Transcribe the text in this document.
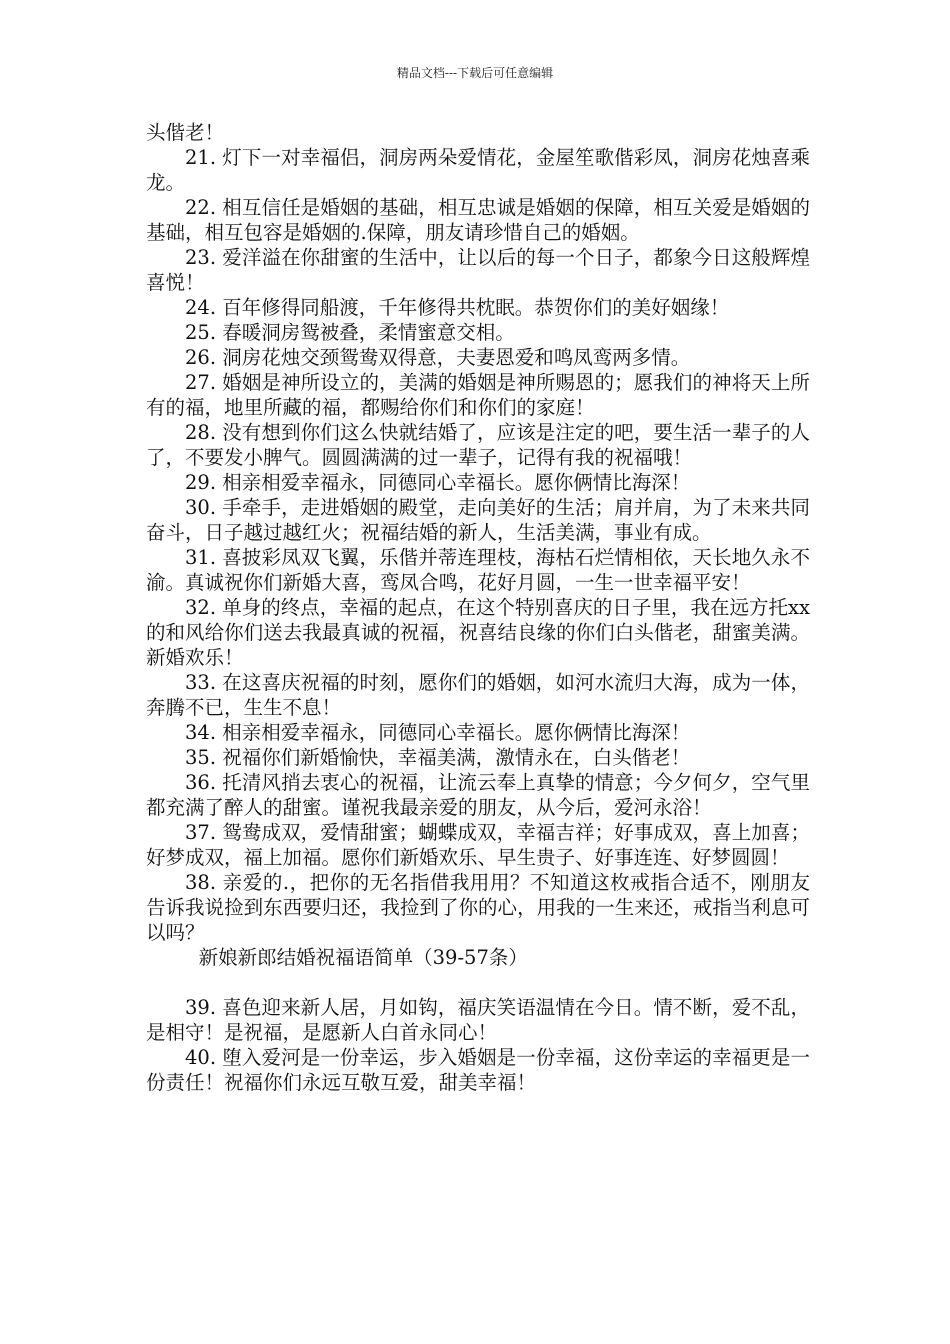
精品文档---下载后可任意编辑

头偕老！

21. 灯下一对幸福侣，洞房两朵爱情花，金屋笙歌偕彩凤，洞房花烛喜乘龙。

22. 相互信任是婚姻的基础，相互忠诚是婚姻的保障，相互关爱是婚姻的基础，相互包容是婚姻的.保障，朋友请珍惜自己的婚姻。

23. 爱洋溢在你甜蜜的生活中，让以后的每一个日子，都象今日这般辉煌喜悦！

24. 百年修得同船渡，千年修得共枕眠。恭贺你们的美好姻缘！

25. 春暖洞房鸳被叠，柔情蜜意交相。

26. 洞房花烛交颈鸳鸯双得意，夫妻恩爱和鸣凤鸾两多情。

27. 婚姻是神所设立的，美满的婚姻是神所赐恩的；愿我们的神将天上所有的福，地里所藏的福，都赐给你们和你们的家庭！

28. 没有想到你们这么快就结婚了，应该是注定的吧，要生活一辈子的人了，不要发小脾气。圆圆满满的过一辈子，记得有我的祝福哦！

29. 相亲相爱幸福永，同德同心幸福长。愿你俩情比海深！

30. 手牵手，走进婚姻的殿堂，走向美好的生活；肩并肩，为了未来共同奋斗，日子越过越红火；祝福结婚的新人，生活美满，事业有成。

31. 喜披彩凤双飞翼，乐偕并蒂连理枝，海枯石烂情相依，天长地久永不渝。真诚祝你们新婚大喜，鸾凤合鸣，花好月圆，一生一世幸福平安！

32. 单身的终点，幸福的起点，在这个特别喜庆的日子里，我在远方托xx的和风给你们送去我最真诚的祝福，祝喜结良缘的你们白头偕老，甜蜜美满。新婚欢乐！

33. 在这喜庆祝福的时刻，愿你们的婚姻，如河水流归大海，成为一体，奔腾不已，生生不息！

34. 相亲相爱幸福永，同德同心幸福长。愿你俩情比海深！

35. 祝福你们新婚愉快，幸福美满，激情永在，白头偕老！

36. 托清风捎去衷心的祝福，让流云奉上真挚的情意；今夕何夕，空气里都充满了醉人的甜蜜。谨祝我最亲爱的朋友，从今后，爱河永浴！

37. 鸳鸯成双，爱情甜蜜；蝴蝶成双，幸福吉祥；好事成双，喜上加喜；好梦成双，福上加福。愿你们新婚欢乐、早生贵子、好事连连、好梦圆圆！

38. 亲爱的.，把你的无名指借我用用？不知道这枚戒指合适不，刚朋友告诉我说捡到东西要归还，我捡到了你的心，用我的一生来还，戒指当利息可以吗？

新娘新郎结婚祝福语简单（39-57条）

39. 喜色迎来新人居，月如钩，福庆笑语温情在今日。情不断，爱不乱，是相守！是祝福，是愿新人白首永同心！

40. 堕入爱河是一份幸运，步入婚姻是一份幸福，这份幸运的幸福更是一份责任！祝福你们永远互敬互爱，甜美幸福！
